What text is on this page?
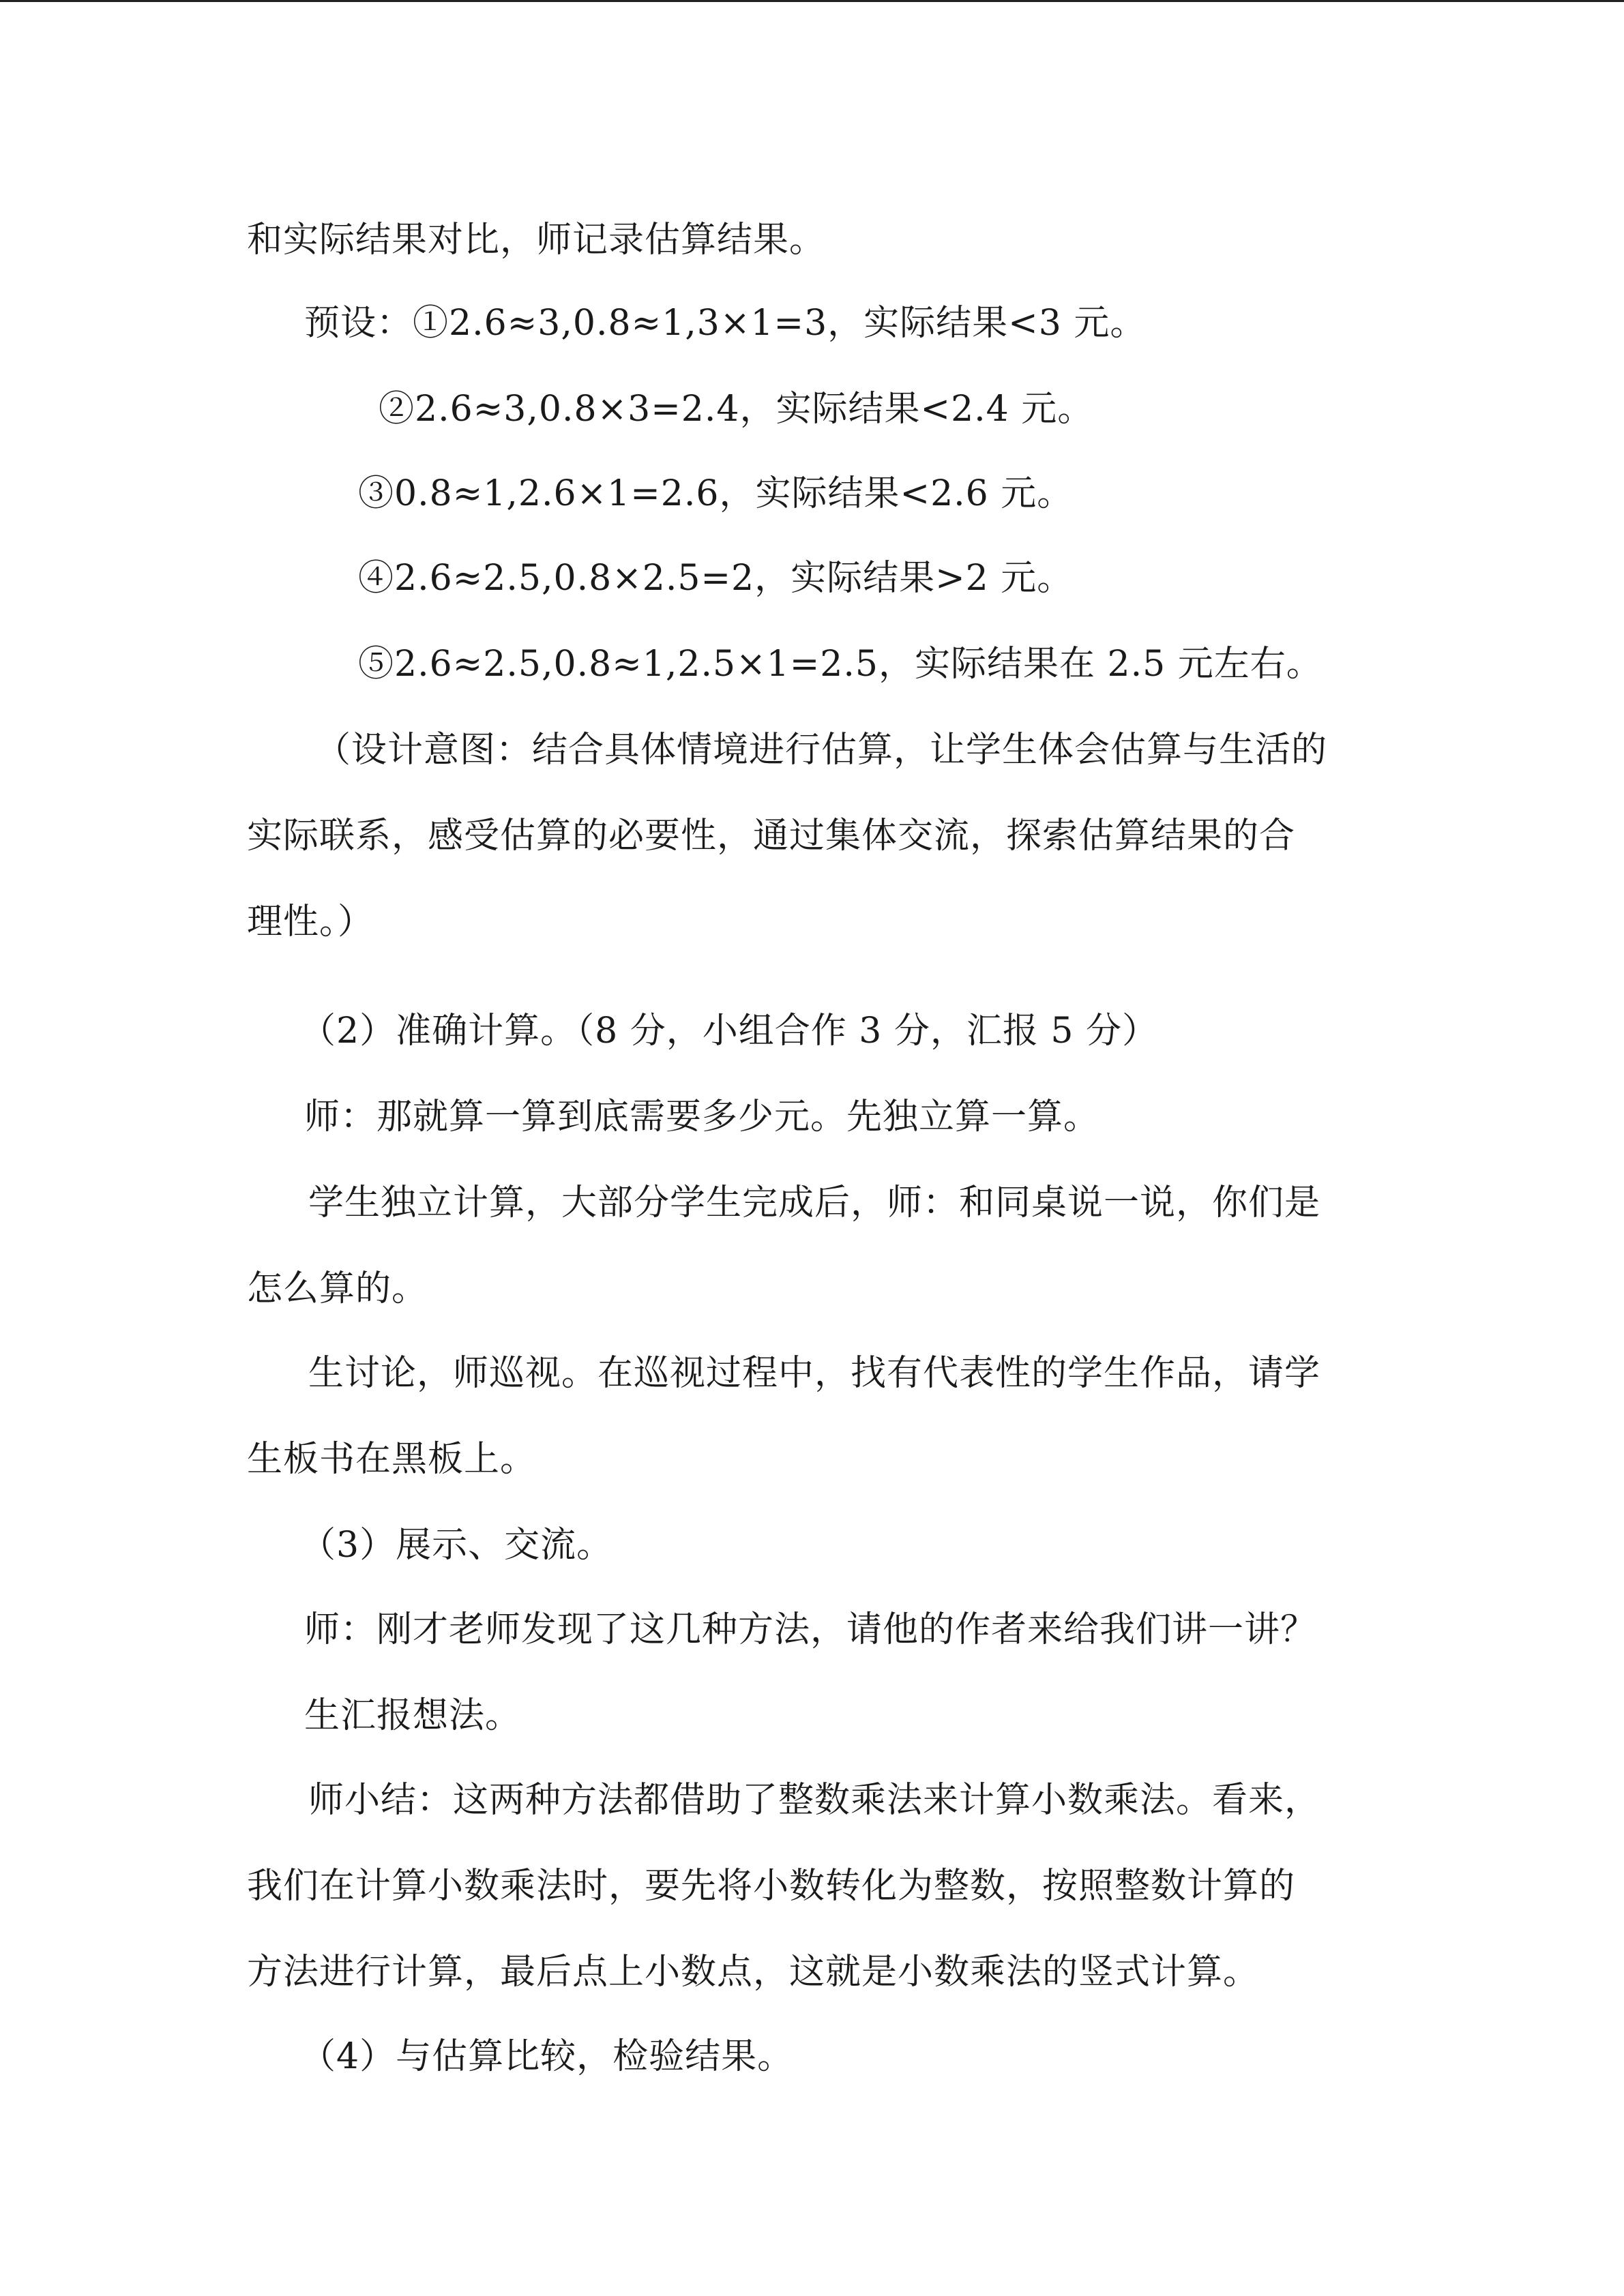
和实际结果对比，师记录估算结果。
预设：①2.6≈3,0.8≈1,3×1=3，实际结果<3 元。
②2.6≈3,0.8×3=2.4，实际结果<2.4 元。
③0.8≈1,2.6×1=2.6，实际结果<2.6 元。
④2.6≈2.5,0.8×2.5=2，实际结果>2 元。
⑤2.6≈2.5,0.8≈1,2.5×1=2.5，实际结果在 2.5 元左右。
（设计意图：结合具体情境进行估算，让学生体会估算与生活的
实际联系，感受估算的必要性，通过集体交流，探索估算结果的合
理性。）
（2）准确计算。（8 分，小组合作 3 分，汇报 5 分）
师：那就算一算到底需要多少元。先独立算一算。
学生独立计算，大部分学生完成后，师：和同桌说一说，你们是
怎么算的。
生讨论，师巡视。在巡视过程中，找有代表性的学生作品，请学
生板书在黑板上。
（3）展示、交流。
师：刚才老师发现了这几种方法，请他的作者来给我们讲一讲？
生汇报想法。
师小结：这两种方法都借助了整数乘法来计算小数乘法。看来，
我们在计算小数乘法时，要先将小数转化为整数，按照整数计算的
方法进行计算，最后点上小数点，这就是小数乘法的竖式计算。
（4）与估算比较，检验结果。
